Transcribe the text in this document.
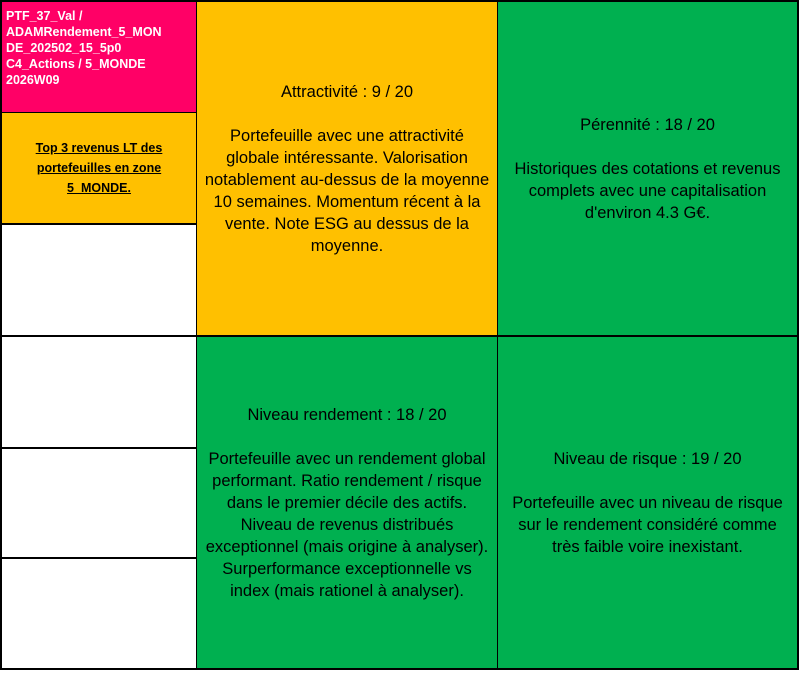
PTF_37_Val /
ADAMRendement_5_MON
DE_202502_15_5p0
C4_Actions / 5_MONDE
2026W09
Top 3 revenus LT des portefeuilles en zone 5_MONDE.
Attractivité : 9 / 20
Portefeuille avec une attractivité globale intéressante. Valorisation notablement au-dessus de la moyenne 10 semaines. Momentum récent à la vente. Note ESG au dessus de la moyenne.
Pérennité : 18 / 20
Historiques des cotations et revenus complets avec une capitalisation d'environ 4.3 G€.
Niveau rendement : 18 / 20
Portefeuille avec un rendement global performant. Ratio rendement / risque dans le premier décile des actifs. Niveau de revenus distribués exceptionnel (mais origine à analyser). Surperformance exceptionnelle vs index (mais rationel à analyser).
Niveau de risque : 19 / 20
Portefeuille avec un niveau de risque sur le rendement considéré comme très faible voire inexistant.
